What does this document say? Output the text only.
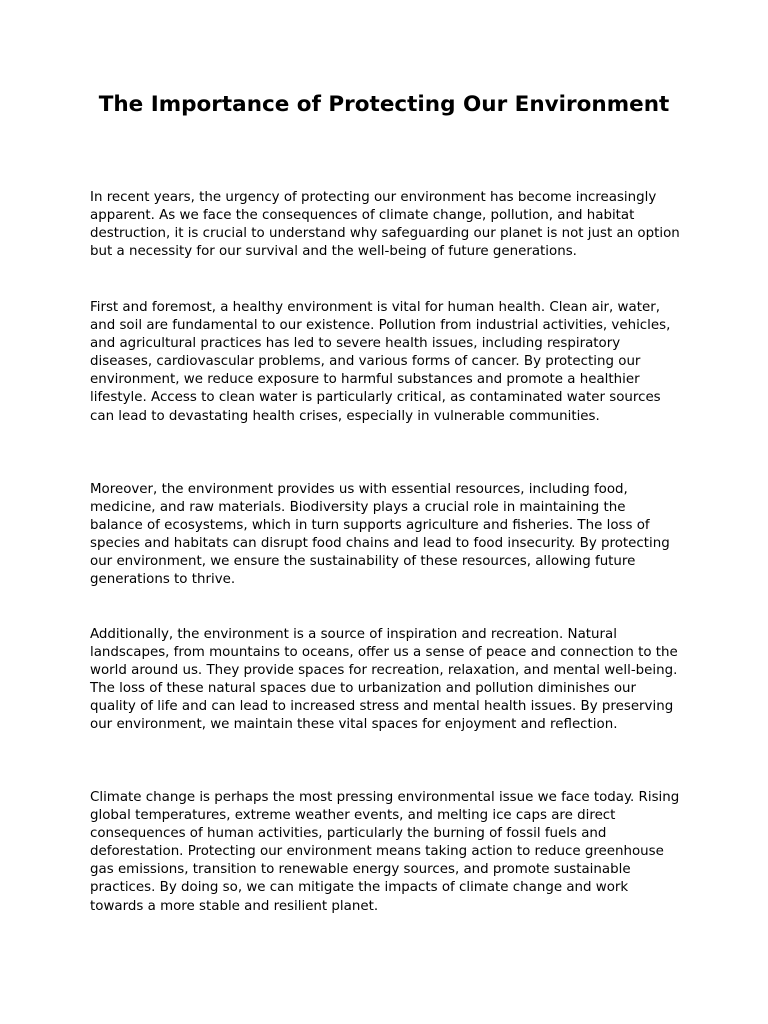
The Importance of Protecting Our Environment

In recent years, the urgency of protecting our environment has become increasingly apparent. As we face the consequences of climate change, pollution, and habitat destruction, it is crucial to understand why safeguarding our planet is not just an option but a necessity for our survival and the well-being of future generations.

First and foremost, a healthy environment is vital for human health. Clean air, water, and soil are fundamental to our existence. Pollution from industrial activities, vehicles, and agricultural practices has led to severe health issues, including respiratory diseases, cardiovascular problems, and various forms of cancer. By protecting our environment, we reduce exposure to harmful substances and promote a healthier lifestyle. Access to clean water is particularly critical, as contaminated water sources can lead to devastating health crises, especially in vulnerable communities.

Moreover, the environment provides us with essential resources, including food, medicine, and raw materials. Biodiversity plays a crucial role in maintaining the balance of ecosystems, which in turn supports agriculture and fisheries. The loss of species and habitats can disrupt food chains and lead to food insecurity. By protecting our environment, we ensure the sustainability of these resources, allowing future generations to thrive.

Additionally, the environment is a source of inspiration and recreation. Natural landscapes, from mountains to oceans, offer us a sense of peace and connection to the world around us. They provide spaces for recreation, relaxation, and mental well-being. The loss of these natural spaces due to urbanization and pollution diminishes our quality of life and can lead to increased stress and mental health issues. By preserving our environment, we maintain these vital spaces for enjoyment and reflection.

Climate change is perhaps the most pressing environmental issue we face today. Rising global temperatures, extreme weather events, and melting ice caps are direct consequences of human activities, particularly the burning of fossil fuels and deforestation. Protecting our environment means taking action to reduce greenhouse gas emissions, transition to renewable energy sources, and promote sustainable practices. By doing so, we can mitigate the impacts of climate change and work towards a more stable and resilient planet.
